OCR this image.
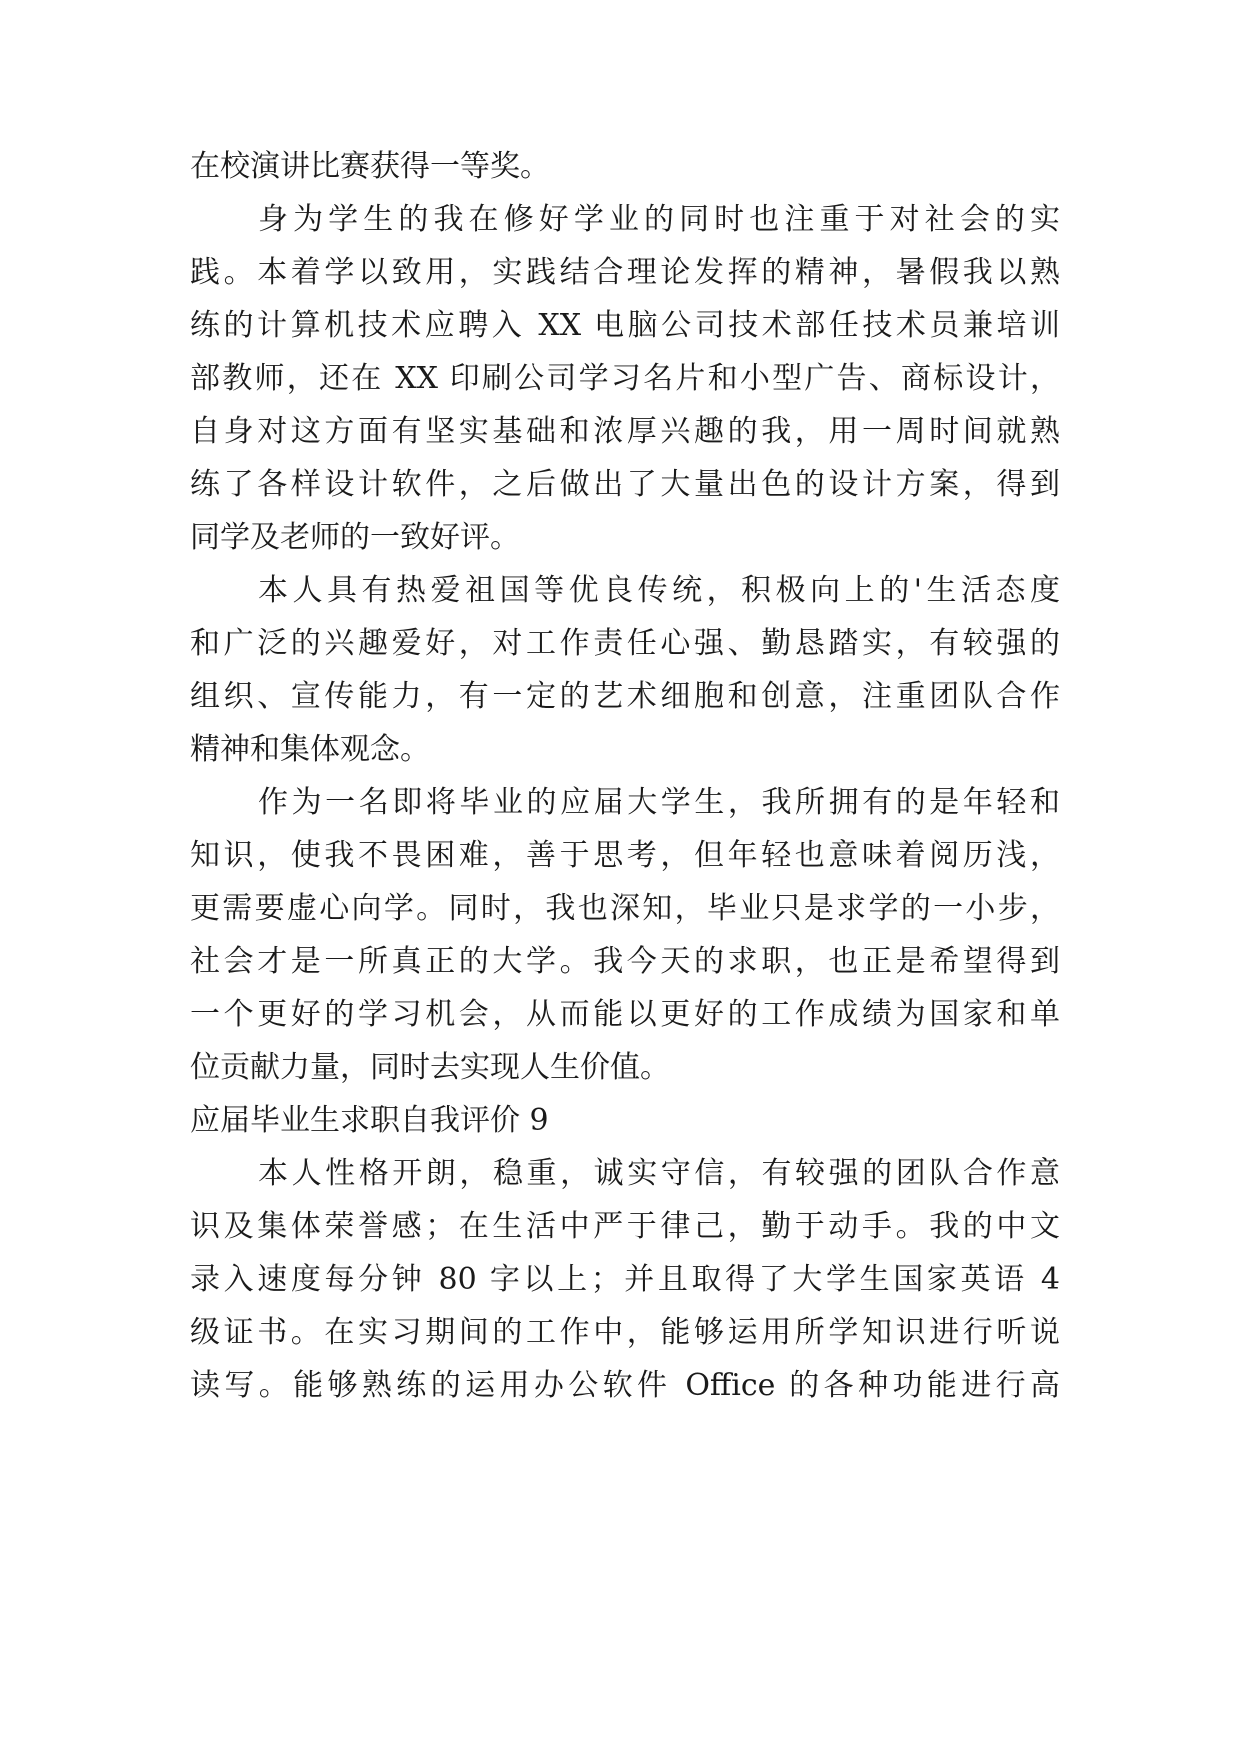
在校演讲比赛获得一等奖。
身为学生的我在修好学业的同时也注重于对社会的实
践。本着学以致用，实践结合理论发挥的精神，暑假我以熟
练的计算机技术应聘入 XX 电脑公司技术部任技术员兼培训
部教师，还在 XX 印刷公司学习名片和小型广告、商标设计，
自身对这方面有坚实基础和浓厚兴趣的我，用一周时间就熟
练了各样设计软件，之后做出了大量出色的设计方案，得到
同学及老师的一致好评。
本人具有热爱祖国等优良传统，积极向上的'生活态度
和广泛的兴趣爱好，对工作责任心强、勤恳踏实，有较强的
组织、宣传能力，有一定的艺术细胞和创意，注重团队合作
精神和集体观念。
作为一名即将毕业的应届大学生，我所拥有的是年轻和
知识，使我不畏困难，善于思考，但年轻也意味着阅历浅，
更需要虚心向学。同时，我也深知，毕业只是求学的一小步，
社会才是一所真正的大学。我今天的求职，也正是希望得到
一个更好的学习机会，从而能以更好的工作成绩为国家和单
位贡献力量，同时去实现人生价值。
应届毕业生求职自我评价 9
本人性格开朗，稳重，诚实守信，有较强的团队合作意
识及集体荣誉感；在生活中严于律己，勤于动手。我的中文
录入速度每分钟 80 字以上；并且取得了大学生国家英语 4
级证书。在实习期间的工作中，能够运用所学知识进行听说
读写。能够熟练的运用办公软件 Office 的各种功能进行高
